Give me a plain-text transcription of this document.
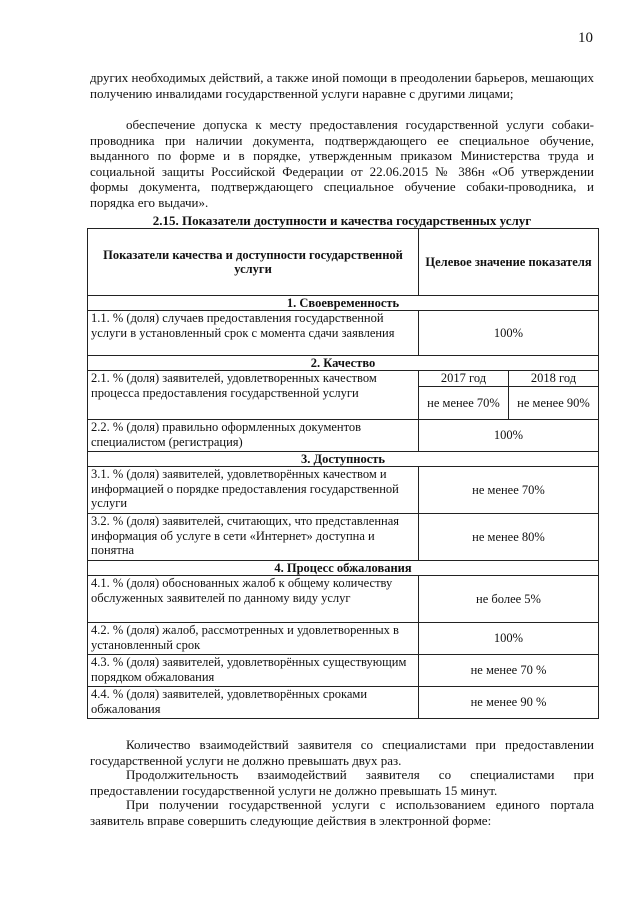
10

других необходимых действий, а также иной помощи в преодолении барьеров, мешающих получению инвалидами государственной услуги наравне с другими лицами;

обеспечение допуска к месту предоставления государственной услуги собаки-проводника при наличии документа, подтверждающего ее специальное обучение, выданного по форме и в порядке, утвержденным приказом Министерства труда и социальной защиты Российской Федерации от 22.06.2015 № 386н «Об утверждении формы документа, подтверждающего специальное обучение собаки-проводника, и порядка его выдачи».

2.15. Показатели доступности и качества государственных услуг
Показатели качества и доступности государственной услуги	Целевое значение показателя	
1. Своевременность		
1.1. % (доля) случаев предоставления государственной услуги в установленный срок с момента сдачи заявления	100%	
2. Качество		
2.1. % (доля) заявителей, удовлетворенных качеством процесса предоставления государственной услуги	2017 год	2018 год
	не менее 70%	не менее 90%
2.2. % (доля) правильно оформленных документов специалистом (регистрация)	100%	
3. Доступность		
3.1. % (доля) заявителей, удовлетворённых качеством и информацией о порядке предоставления государственной услуги	не менее 70%	
3.2. % (доля) заявителей, считающих, что представленная информация об услуге в сети «Интернет» доступна и понятна	не менее 80%	
4. Процесс обжалования		
4.1. % (доля) обоснованных жалоб к общему количеству обслуженных заявителей по данному виду услуг	не более 5%	
4.2. % (доля) жалоб, рассмотренных и удовлетворенных в установленный срок	100%	
4.3. % (доля) заявителей, удовлетворённых существующим порядком обжалования	не менее 70 %	
4.4. % (доля) заявителей, удовлетворённых сроками обжалования	не менее 90 %	

Количество взаимодействий заявителя со специалистами при предоставлении государственной услуги не должно превышать двух раз.

Продолжительность взаимодействий заявителя со специалистами при предоставлении государственной услуги не должно превышать 15 минут.

При получении государственной услуги с использованием единого портала заявитель вправе совершить следующие действия в электронной форме:
